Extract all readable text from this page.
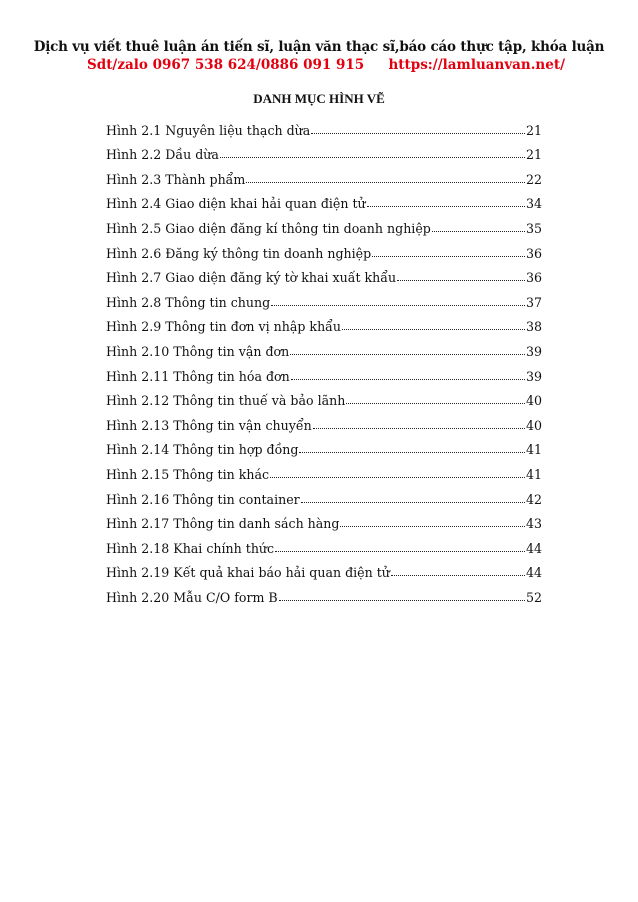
Dịch vụ viết thuê luận án tiến sĩ, luận văn thạc sĩ,báo cáo thực tập, khóa luận
Sdt/zalo 0967 538 624/0886 091 915 https://lamluanvan.net/
DANH MỤC HÌNH VẼ
Hình 2.1 Nguyên liệu thạch dừa	21
Hình 2.2 Dầu dừa	21
Hình 2.3 Thành phẩm	22
Hình 2.4 Giao diện khai hải quan điện tử	34
Hình 2.5 Giao diện đăng kí thông tin doanh nghiệp	35
Hình 2.6 Đăng ký thông tin doanh nghiệp	36
Hình 2.7 Giao diện đăng ký tờ khai xuất khẩu	36
Hình 2.8 Thông tin chung	37
Hình 2.9 Thông tin đơn vị nhập khẩu	38
Hình 2.10 Thông tin vận đơn	39
Hình 2.11 Thông tin hóa đơn	39
Hình 2.12 Thông tin thuế và bảo lãnh	40
Hình 2.13 Thông tin vận chuyển	40
Hình 2.14 Thông tin hợp đồng	41
Hình 2.15 Thông tin khác	41
Hình 2.16 Thông tin container	42
Hình 2.17 Thông tin danh sách hàng	43
Hình 2.18 Khai chính thức	44
Hình 2.19 Kết quả khai báo hải quan điện tử	44
Hình 2.20 Mẫu C/O form B	52
